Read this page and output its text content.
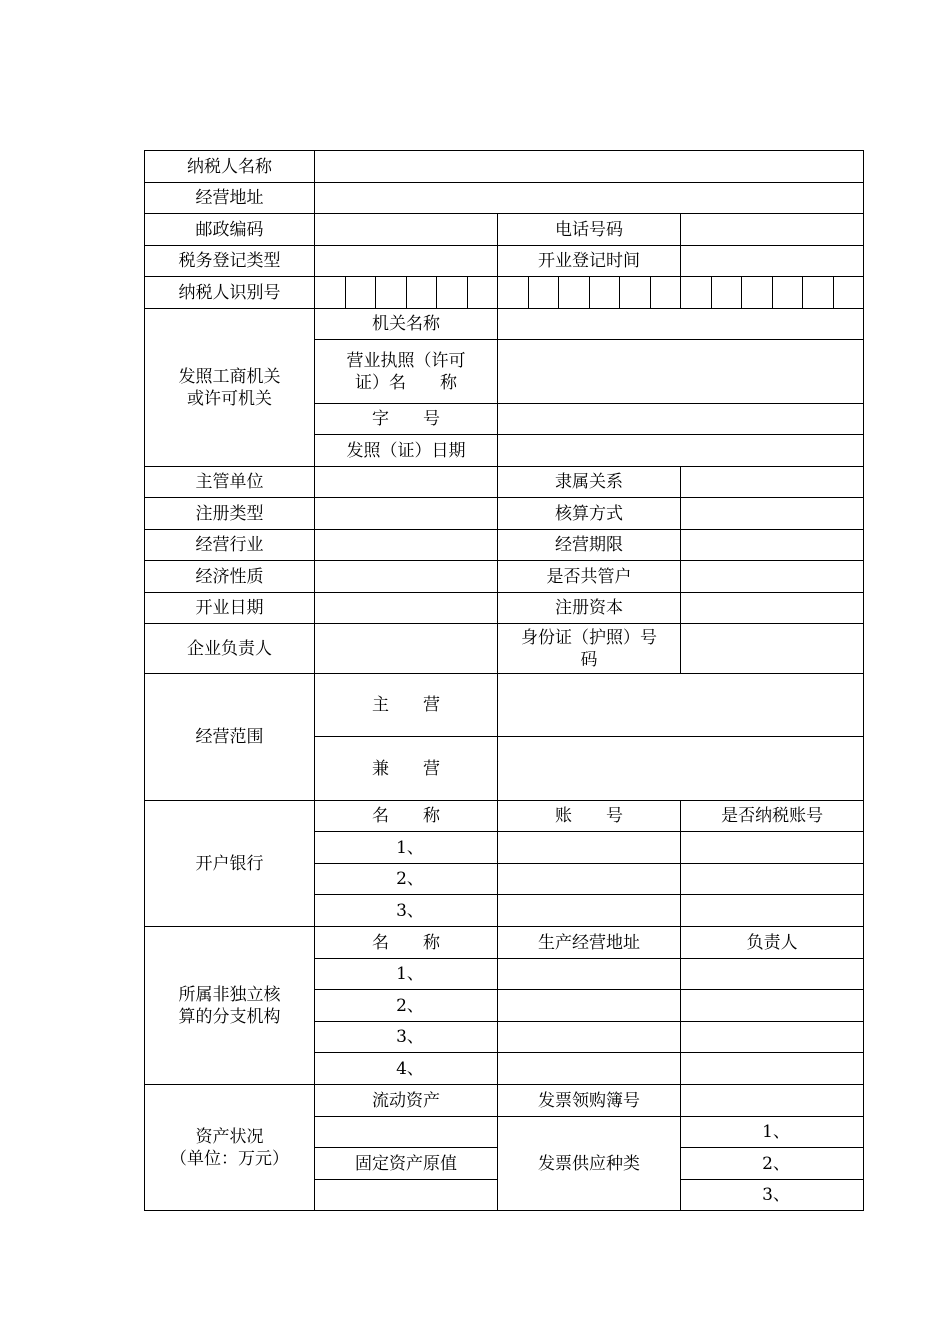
纳税人名称																		
经营地址																		
邮政编码							电话号码											
税务登记类型							开业登记时间											
纳税人识别号																		
发照工商机关
或许可机关	机关名称																	
	营业执照（许可
证）名　　称																	
	字　　号																	
	发照（证）日期																	
主管单位							隶属关系											
注册类型							核算方式											
经营行业							经营期限											
经济性质							是否共管户											
开业日期							注册资本											
企业负责人							身份证（护照）号
码											
经营范围	主　　营																	
	兼　　营																	
开户银行	名　　称						账　　号						是否纳税账号					
	1、																	
	2、																	
	3、																	
所属非独立核
算的分支机构	名　　称						生产经营地址						负责人					
	1、																	
	2、																	
	3、																	
	4、																	
资产状况
（单位：万元）	流动资产						发票领购簿号											
							发票供应种类						1、					
	固定资产原值												2、					
													3、					
